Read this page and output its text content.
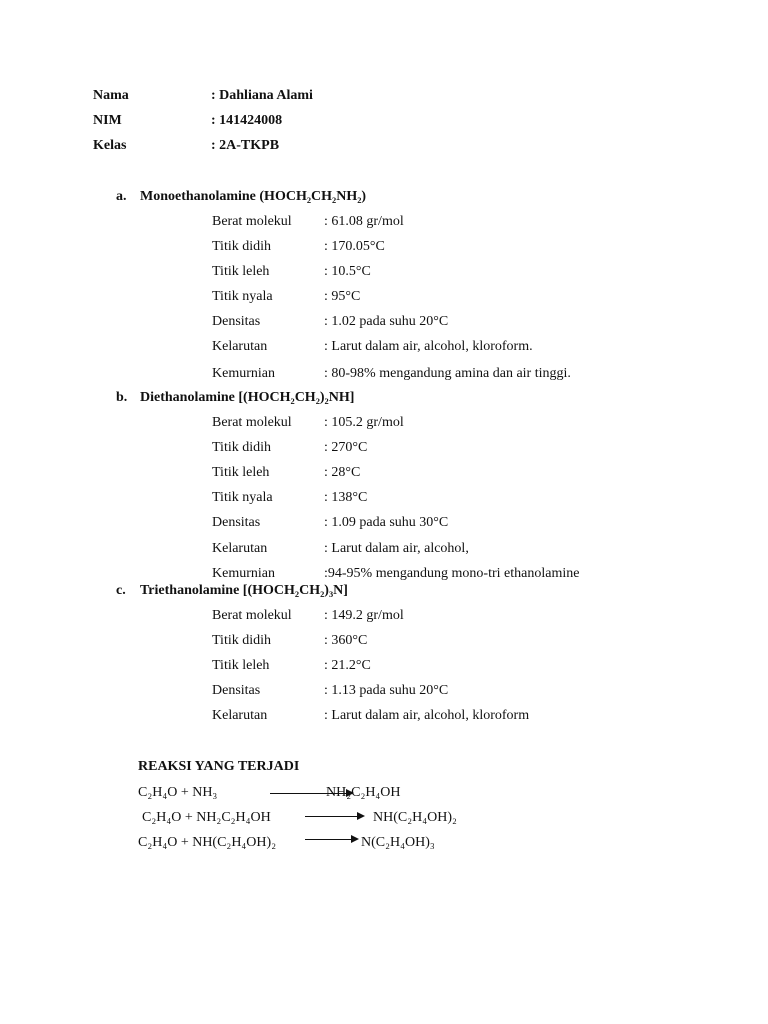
Nama	: Dahliana Alami
NIM	: 141424008
Kelas	: 2A-TKPB
a. Monoethanolamine (HOCH₂CH₂NH₂)
Berat molekul : 61.08 gr/mol
Titik didih	: 170.05°C
Titik leleh	: 10.5°C
Titik nyala	: 95°C
Densitas	: 1.02 pada suhu 20°C
Kelarutan	: Larut dalam air, alcohol, kloroform.
Kemurnian	: 80-98% mengandung amina dan air tinggi.
b. Diethanolamine [(HOCH₂CH₂)₂NH]
Berat molekul : 105.2 gr/mol
Titik didih	: 270°C
Titik leleh	: 28°C
Titik nyala	: 138°C
Densitas	: 1.09 pada suhu 30°C
Kelarutan	: Larut dalam air, alcohol,
Kemurnian	:94-95% mengandung mono-tri ethanolamine
c. Triethanolamine [(HOCH₂CH₂)₃N]
Berat molekul : 149.2 gr/mol
Titik didih	: 360°C
Titik leleh	: 21.2°C
Densitas	: 1.13 pada suhu 20°C
Kelarutan	: Larut dalam air, alcohol, kloroform
REAKSI YANG TERJADI
C₂H₄O + NH₃	NH₂C₂H₄OH
C₂H₄O + NH₂C₂H₄OH	NH(C₂H₄OH)₂
C₂H₄O + NH(C₂H₄OH)₂ → N(C₂H₄OH)₃
